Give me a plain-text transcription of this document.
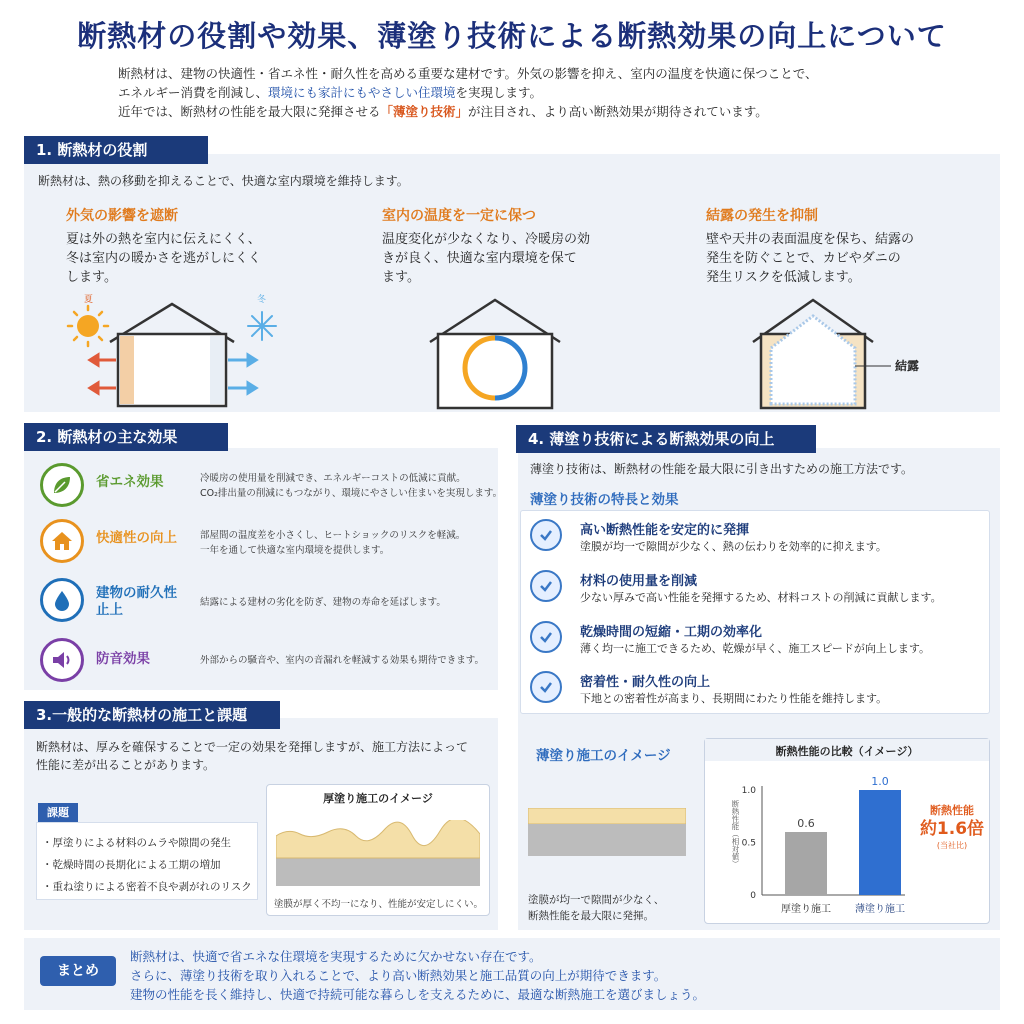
断熱材の役割や効果、薄塗り技術による断熱効果の向上について
断熱材は、建物の快適性・省エネ性・耐久性を高める重要な建材です。外気の影響を抑え、室内の温度を快適に保つことで、
エネルギー消費を削減し、環境にも家計にもやさしい住環境を実現します。
近年では、断熱材の性能を最大限に発揮させる「薄塗り技術」が注目され、より高い断熱効果が期待されています。
1. 断熱材の役割
断熱材は、熱の移動を抑えることで、快適な室内環境を維持します。
外気の影響を遮断
夏は外の熱を室内に伝えにくく、
冬は室内の暖かさを逃がしにくく
します。
室内の温度を一定に保つ
温度変化が少なくなり、冷暖房の効
きが良く、快適な室内環境を保て
ます。
結露の発生を抑制
壁や天井の表面温度を保ち、結露の
発生を防ぐことで、カビやダニの
発生リスクを低減します。
夏	冬
結露
2. 断熱材の主な効果
省エネ効果	冷暖房の使用量を削減でき、エネルギーコストの低減に貢献。
CO₂排出量の削減にもつながり、環境にやさしい住まいを実現します。
快適性の向上 部屋間の温度差を小さくし、ヒートショックのリスクを軽減。
一年を通して快適な室内環境を提供します。
建物の耐久性
止上	結露による建材の劣化を防ぎ、建物の寿命を延ばします。
防音効果	外部からの騒音や、室内の音漏れを軽減する効果も期待できます。
3.一般的な断熱材の施工と課題
断熱材は、厚みを確保することで一定の効果を発揮しますが、施工方法によって
性能に差が出ることがあります。
課題
・厚塗りによる材料のムラや隙間の発生
・乾燥時間の長期化による工期の増加
・重ね塗りによる密着不良や剥がれのリスク
厚塗り施工のイメージ
塗膜が厚く不均一になり、性能が安定しにくい。
4. 薄塗り技術による断熱効果の向上
薄塗り技術は、断熱材の性能を最大限に引き出すための施工方法です。
薄塗り技術の特長と効果
高い断熱性能を安定的に発揮
塗膜が均一で隙間が少なく、熱の伝わりを効率的に抑えます。
材料の使用量を削減
少ない厚みで高い性能を発揮するため、材料コストの削減に貢献します。
乾燥時間の短縮・工期の効率化
薄く均一に施工できるため、乾燥が早く、施工スピードが向上します。
密着性・耐久性の向上
下地との密着性が高まり、長期間にわたり性能を維持します。
薄塗り施工のイメージ
塗膜が均一で隙間が少なく、
断熱性能を最大限に発揮。
断熱性能の比較（イメージ）
断熱性能（相対値）
0
0.5
1.0
0.6
厚塗り施工
1.0
薄塗り施工
断熱性能
約1.6倍
(当社比)
まとめ
断熱材は、快適で省エネな住環境を実現するために欠かせない存在です。
さらに、薄塗り技術を取り入れることで、より高い断熱効果と施工品質の向上が期待できます。
建物の性能を長く維持し、快適で持続可能な暮らしを支えるために、最適な断熱施工を選びましょう。
